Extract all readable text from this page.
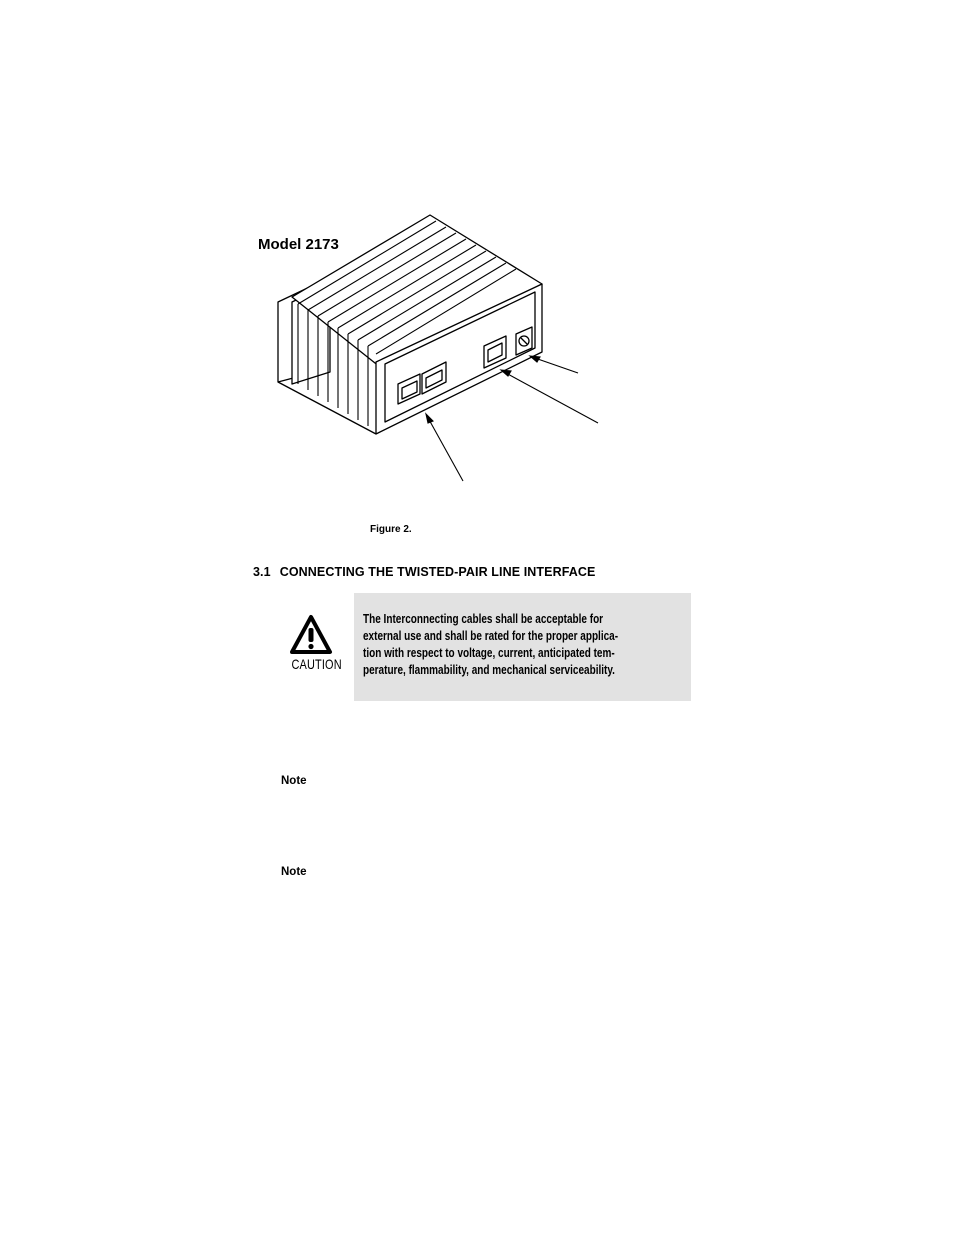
Model 2173
Figure 2.
3.1 CONNECTING THE TWISTED-PAIR LINE INTERFACE
CAUTION
The Interconnecting cables shall be acceptable for
external use and shall be rated for the proper applica-
tion with respect to voltage, current, anticipated tem-
perature, flammability, and mechanical serviceability.
Note
Note
